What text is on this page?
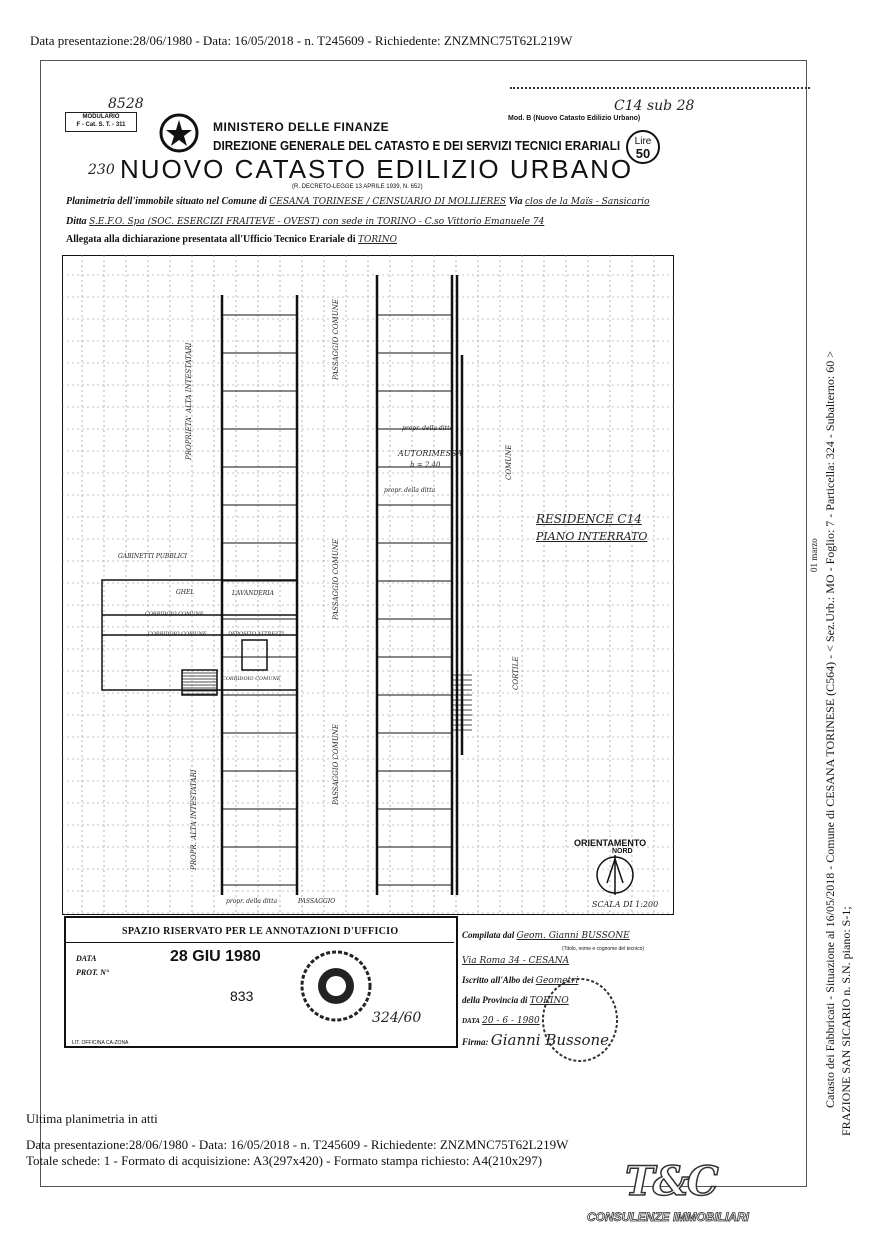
Data presentazione:28/06/1980 - Data: 16/05/2018 - n. T245609 - Richiedente: ZNZMNC75T62L219W
MODULARIO
F - Cat. S. T. - 311
8528	C14 sub 28
Mod. B (Nuovo Catasto Edilizio Urbano)
MINISTERO DELLE FINANZE
DIREZIONE GENERALE DEL CATASTO E DEI SERVIZI TECNICI ERARIALI
230 NUOVO CATASTO EDILIZIO URBANO
(R. DECRETO-LEGGE 13 APRILE 1939, N. 652)
Lire
50
Planimetria dell'immobile situato nel Comune di CESANA TORINESE / CENSUARIO DI MOLLIERES Via clos de la Maïs - Sansicario
Ditta S.E.F.O. Spa (SOC. ESERCIZI FRAITEVE - OVEST) con sede in TORINO - C.so Vittorio Emanuele 74
Allegata alla dichiarazione presentata all'Ufficio Tecnico Erariale di TORINO
AUTORIMESSA
h = 2.40
propr. della ditta
propr. della ditta
RESIDENCE C14
PIANO INTERRATO
GABINETTI PUBBLICI
GHEL	LAVANDERIA
CORRIDOIO COMUNE
CORRIDOIO COMUNE	DEPOSITO ATTREZZI
CORRIDOIO COMUNE
PASSAGGIO COMUNE
PASSAGGIO COMUNE
PASSAGGIO COMUNE
COMUNE
CORTILE
PROPRIETA' ALTA INTESTATARI
PROPR. ALTA INTESTATARI
PASSAGGIO
propr. della ditta
ORIENTAMENTO
NORD
SCALA DI 1:200
SPAZIO RISERVATO PER LE ANNOTAZIONI D'UFFICIO
DATA	28 GIU 1980
PROT. N°
833
324/60
LIT. OFFICINA CA-ZONA
Compilata dal Geom. Gianni BUSSONE
(Titolo, nome e cognome del tecnico)
Via Roma 34 - CESANA
Iscritto all'Albo dei Geometri
della Provincia di TORINO
DATA 20 - 6 - 1980
Firma: Gianni Bussone
Ultima planimetria in atti
Data presentazione:28/06/1980 - Data: 16/05/2018 - n. T245609 - Richiedente: ZNZMNC75T62L219W
Totale schede: 1 - Formato di acquisizione: A3(297x420) - Formato stampa richiesto: A4(210x297)
Catasto dei Fabbricati - Situazione al 16/05/2018 - Comune di CESANA TORINESE (C564) - < Sez.Urb.: MO - Foglio: 7 - Particella: 324 - Subalterno: 60 > FRAZIONE SAN SICARIO n. S.N. piano: S-1;
01 marzo
T&C
CONSULENZE IMMOBILIARI
